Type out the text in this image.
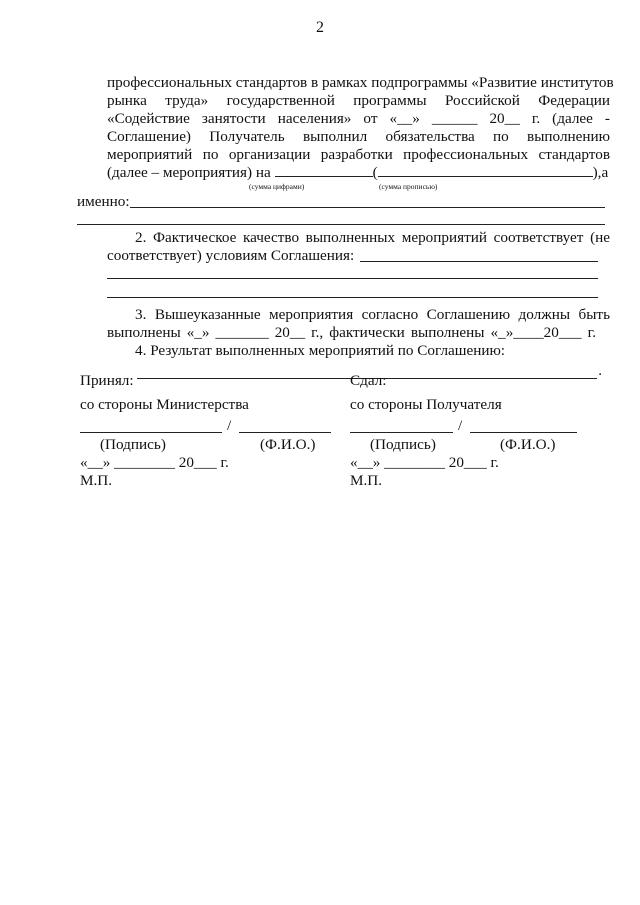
2
профессиональных стандартов в рамках подпрограммы «Развитие институтов
рынка труда» государственной программы Российской Федерации
«Содействие занятости населения» от «__» ______ 20__ г. (далее -
Соглашение) Получатель выполнил обязательства по выполнению
мероприятий по организации разработки профессиональных стандартов
(далее – мероприятия) на	(	),а
(сумма цифрами)	(сумма прописью)
именно:
2. Фактическое качество выполненных мероприятий соответствует (не
соответствует) условиям Соглашения:
3. Вышеуказанные мероприятия согласно Соглашению должны быть
выполнены «_» _______ 20__ г., фактически выполнены «_»____20___ г.
4. Результат выполненных мероприятий по Соглашению:
.
Принял:
со стороны Министерства
/
(Подпись)	(Ф.И.О.)
«__» ________ 20___ г.
М.П.
Сдал:
со стороны Получателя
/
(Подпись)	(Ф.И.О.)
«__» ________ 20___ г.
М.П.
